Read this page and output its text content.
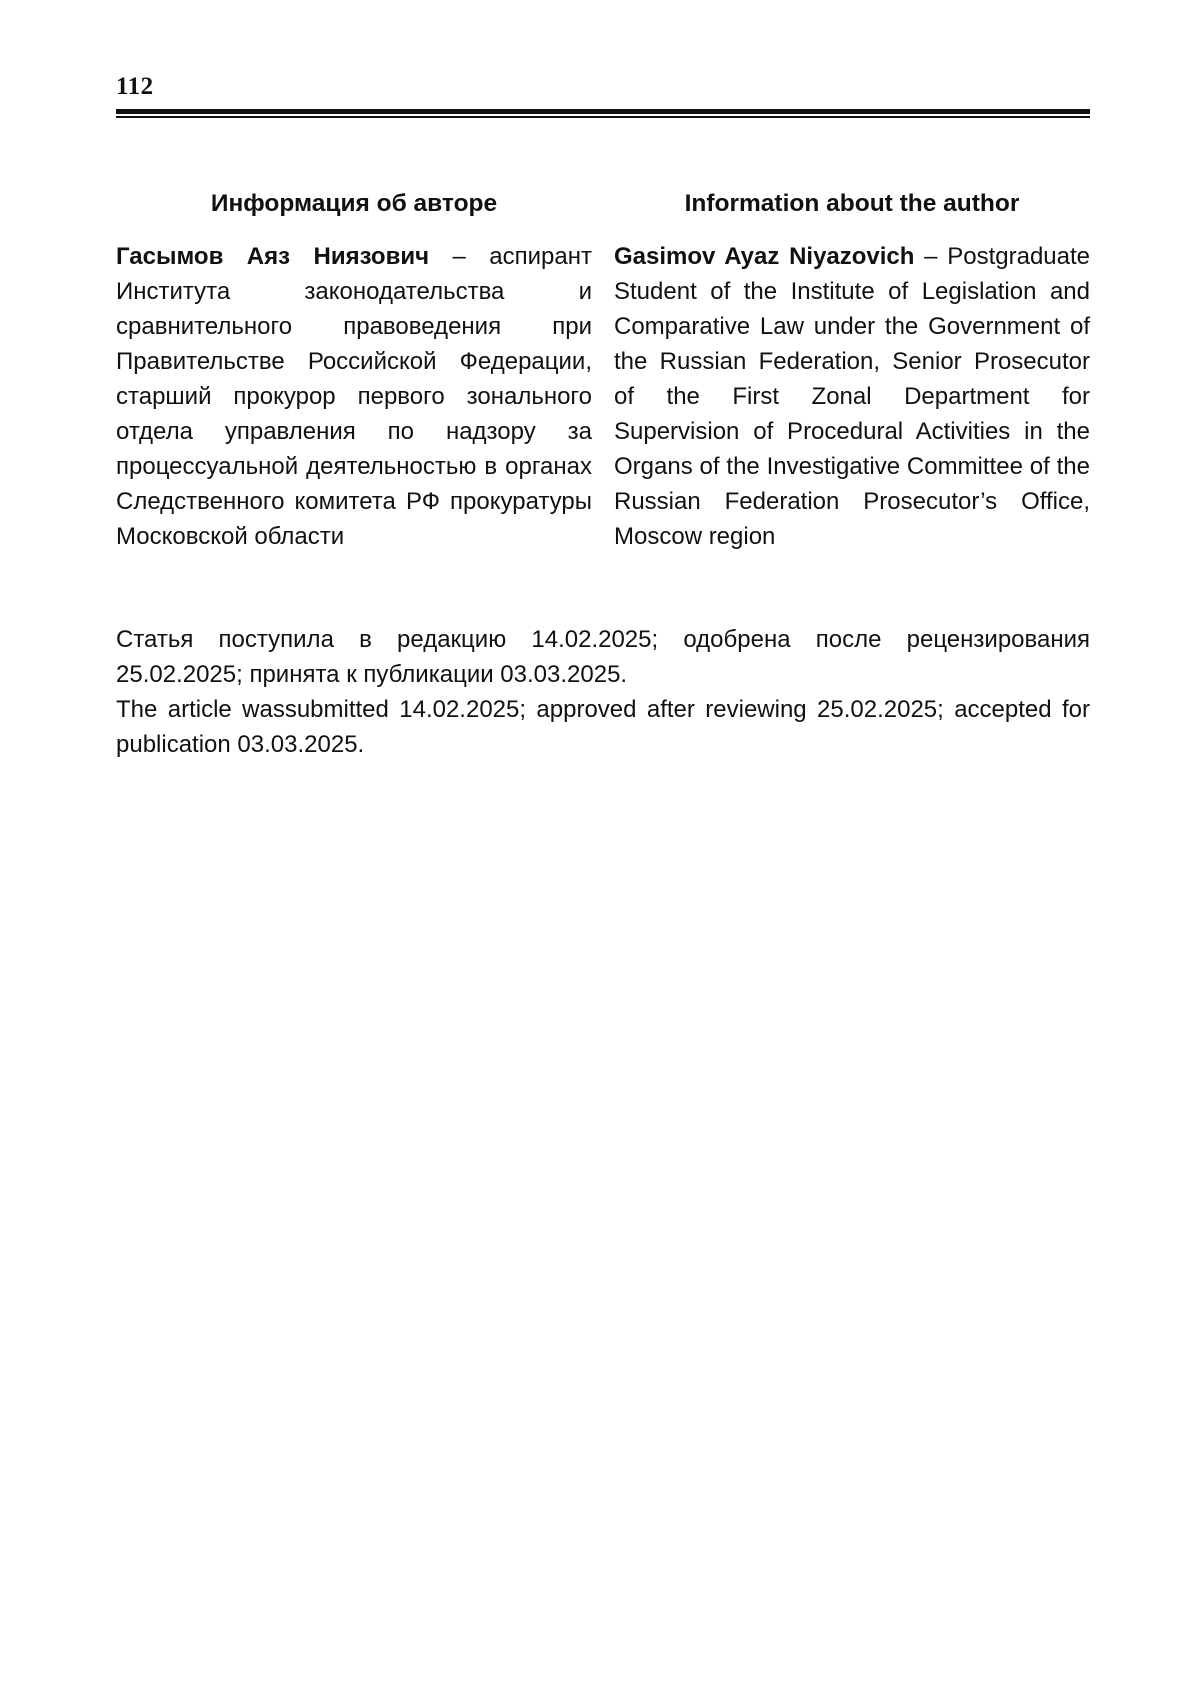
112
Информация об авторе

Гасымов Аяз Ниязович – аспирант Института законодательства и сравнительного правоведения при Правительстве Российской Федерации, старший прокурор первого зонального отдела управления по надзору за процессуальной деятельностью в органах Следственного комитета РФ прокуратуры Московской области

Information about the author

Gasimov Ayaz Niyazovich – Postgraduate Student of the Institute of Legislation and Comparative Law under the Government of the Russian Federation, Senior Prosecutor of the First Zonal Department for Supervision of Procedural Activities in the Organs of the Investigative Committee of the Russian Federation Prosecutor’s Office, Moscow region

Статья поступила в редакцию 14.02.2025; одобрена после рецензирования 25.02.2025; принята к публикации 03.03.2025.

The article wassubmitted 14.02.2025; approved after reviewing 25.02.2025; accepted for publication 03.03.2025.
